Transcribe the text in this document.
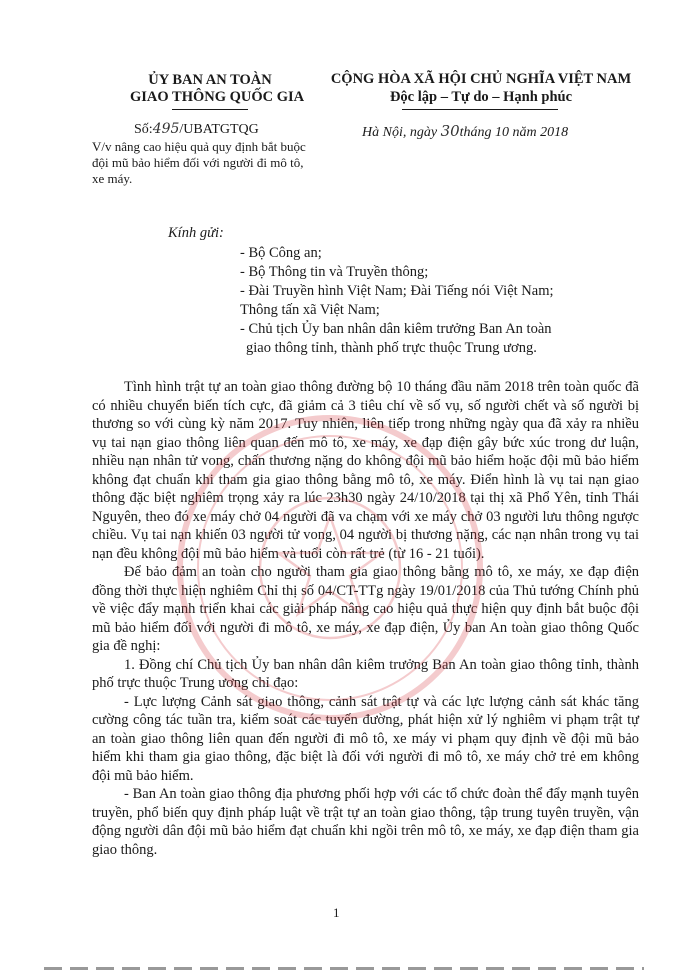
ỦY BAN AN TOÀN
GIAO THÔNG QUỐC GIA
CỘNG HÒA XÃ HỘI CHỦ NGHĨA VIỆT NAM
Độc lập – Tự do – Hạnh phúc
Số:495/UBATGTQG	Hà Nội, ngày 30tháng 10 năm 2018
V/v nâng cao hiệu quả quy định bắt buộc
đội mũ bảo hiểm đối với người đi mô tô,
xe máy.
Kính gửi:
- Bộ Công an;
- Bộ Thông tin và Truyền thông;
- Đài Truyền hình Việt Nam; Đài Tiếng nói Việt Nam;
Thông tấn xã Việt Nam;
- Chủ tịch Ủy ban nhân dân kiêm trưởng Ban An toàn
giao thông tỉnh, thành phố trực thuộc Trung ương.

Tình hình trật tự an toàn giao thông đường bộ 10 tháng đầu năm 2018 trên toàn quốc đã có nhiều chuyển biến tích cực, đã giảm cả 3 tiêu chí về số vụ, số người chết và số người bị thương so với cùng kỳ năm 2017. Tuy nhiên, liên tiếp trong những ngày qua đã xảy ra nhiều vụ tai nạn giao thông liên quan đến mô tô, xe máy, xe đạp điện gây bức xúc trong dư luận, nhiều nạn nhân tử vong, chấn thương nặng do không đội mũ bảo hiểm hoặc đội mũ bảo hiểm không đạt chuẩn khi tham gia giao thông bằng mô tô, xe máy. Điển hình là vụ tai nạn giao thông đặc biệt nghiêm trọng xảy ra lúc 23h30 ngày 24/10/2018 tại thị xã Phổ Yên, tỉnh Thái Nguyên, theo đó xe máy chở 04 người đã va chạm với xe máy chở 03 người lưu thông ngược chiều. Vụ tai nạn khiến 03 người tử vong, 04 người bị thương nặng, các nạn nhân trong vụ tai nạn đều không đội mũ bảo hiểm và tuổi còn rất trẻ (từ 16 - 21 tuổi).

Để bảo đảm an toàn cho người tham gia giao thông bằng mô tô, xe máy, xe đạp điện đồng thời thực hiện nghiêm Chỉ thị số 04/CT-TTg ngày 19/01/2018 của Thủ tướng Chính phủ về việc đẩy mạnh triển khai các giải pháp nâng cao hiệu quả thực hiện quy định bắt buộc đội mũ bảo hiểm đối với người đi mô tô, xe máy, xe đạp điện, Ủy ban An toàn giao thông Quốc gia đề nghị:

1. Đồng chí Chủ tịch Ủy ban nhân dân kiêm trưởng Ban An toàn giao thông tỉnh, thành phố trực thuộc Trung ương chỉ đạo:

- Lực lượng Cảnh sát giao thông, cảnh sát trật tự và các lực lượng cảnh sát khác tăng cường công tác tuần tra, kiểm soát các tuyến đường, phát hiện xử lý nghiêm vi phạm trật tự an toàn giao thông liên quan đến người đi mô tô, xe máy vi phạm quy định về đội mũ bảo hiểm khi tham gia giao thông, đặc biệt là đối với người đi mô tô, xe máy chở trẻ em không đội mũ bảo hiểm.

- Ban An toàn giao thông địa phương phối hợp với các tổ chức đoàn thể đẩy mạnh tuyên truyền, phổ biến quy định pháp luật về trật tự an toàn giao thông, tập trung tuyên truyền, vận động người dân đội mũ bảo hiểm đạt chuẩn khi ngồi trên mô tô, xe máy, xe đạp điện tham gia giao thông.

1
